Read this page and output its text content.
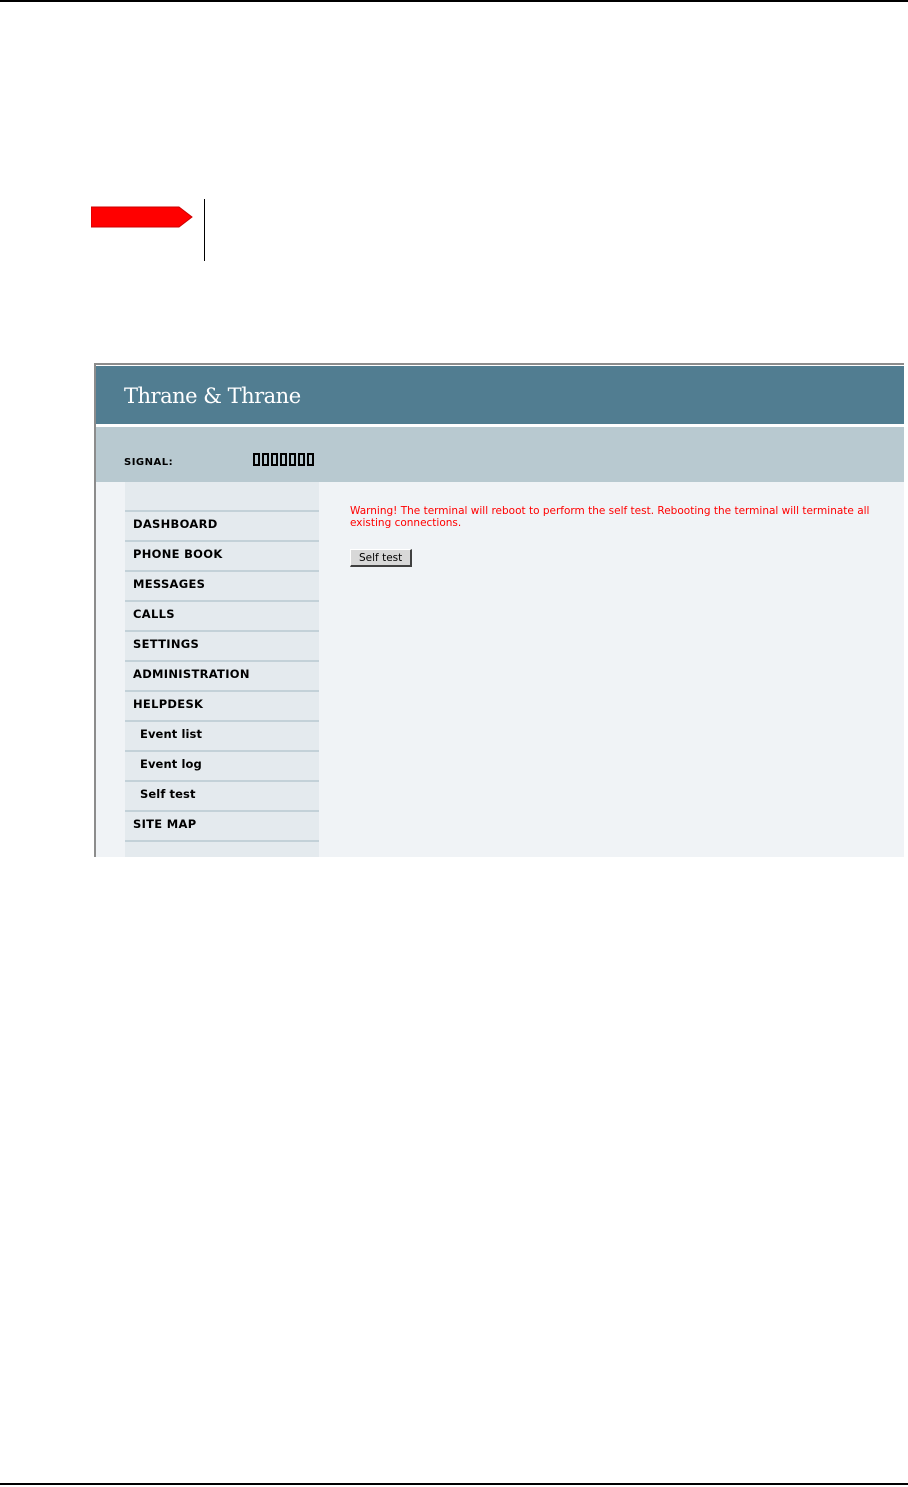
Thrane & Thrane
SIGNAL:
DASHBOARD
PHONE BOOK
MESSAGES
CALLS
SETTINGS
ADMINISTRATION
HELPDESK
Event list
Event log
Self test
SITE MAP
Warning! The terminal will reboot to perform the self test. Rebooting the terminal will terminate all existing connections.
Self test
